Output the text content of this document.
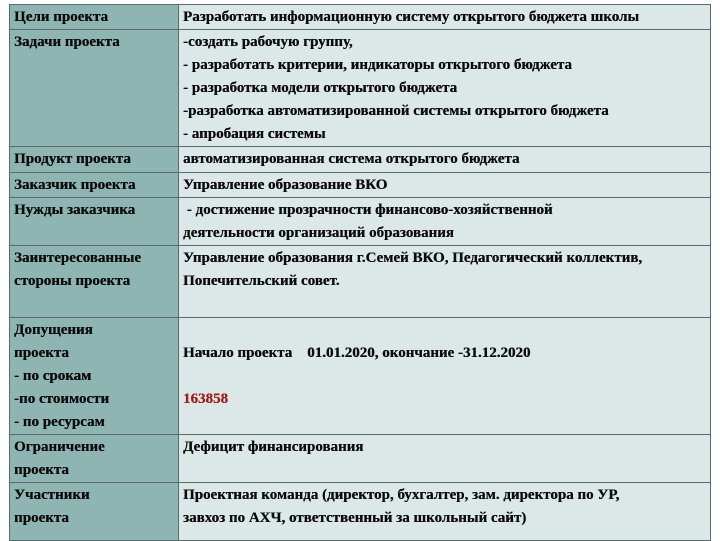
Цели проекта	Разработать информационную систему открытого бюджета школы

Задачи проекта	-создать рабочую группу,
- разработать критерии, индикаторы открытого бюджета
- разработка модели открытого бюджета
-разработка автоматизированной системы открытого бюджета
- апробация системы

Продукт проекта	автоматизированная система открытого бюджета

Заказчик проекта	Управление образование ВКО

Нужды заказчика	- достижение прозрачности финансово-хозяйственной
деятельности организаций образования

Заинтересованные
стороны проекта	Управление образования г.Семей ВКО, Педагогический коллектив,
Попечительский совет.

Допущения
проекта
- по срокам
-по стоимости
- по ресурсам	Начало проекта    01.01.2020, окончание -31.12.2020
163858

Ограничение
проекта	Дефицит финансирования

Участники
проекта	Проектная команда (директор, бухгалтер, зам. директора по УР,
завхоз по АХЧ, ответственный за школьный сайт)
